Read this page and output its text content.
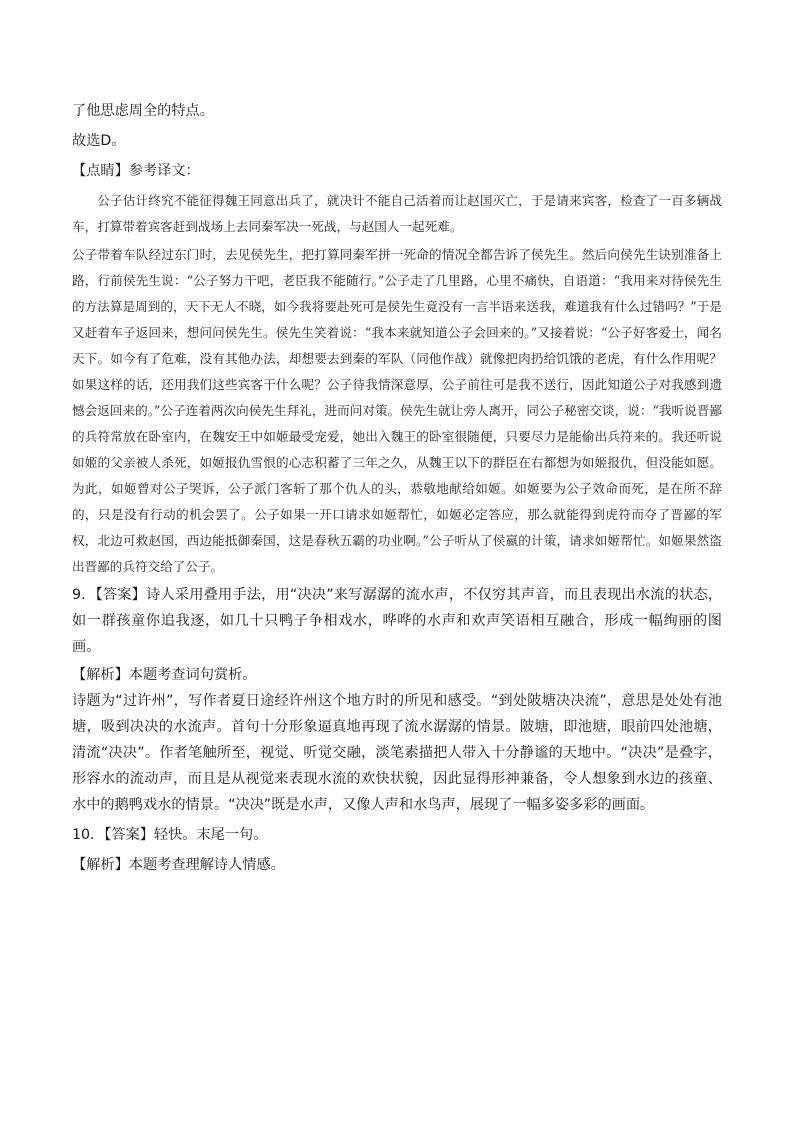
了他思虑周全的特点。

故选D。

【点睛】参考译文：

公子估计终究不能征得魏王同意出兵了，就决计不能自己活着而让赵国灭亡，于是请来宾客，检查了一百多辆战车，打算带着宾客赶到战场上去同秦军决一死战，与赵国人一起死难。

公子带着车队经过东门时，去见侯先生，把打算同秦军拼一死命的情况全都告诉了侯先生。然后向侯先生诀别准备上路，行前侯先生说：“公子努力干吧，老臣我不能随行。”公子走了几里路，心里不痛快，自语道：“我用来对待侯先生的方法算是周到的，天下无人不晓，如今我将要赴死可是侯先生竟没有一言半语来送我，难道我有什么过错吗？”于是又赶着车子返回来，想问问侯先生。侯先生笑着说：“我本来就知道公子会回来的。”又接着说：“公子好客爱士，闻名天下。如今有了危难，没有其他办法，却想要去到秦的军队（同他作战）就像把肉扔给饥饿的老虎，有什么作用呢？如果这样的话，还用我们这些宾客干什么呢？公子待我情深意厚，公子前往可是我不送行，因此知道公子对我感到遗憾会返回来的。”公子连着两次向侯先生拜礼，进而问对策。侯先生就让旁人离开，同公子秘密交谈，说：“我听说晋鄙的兵符常放在卧室内，在魏安王中如姬最受宠爱，她出入魏王的卧室很随便，只要尽力是能偷出兵符来的。我还听说如姬的父亲被人杀死，如姬报仇雪恨的心志积蓄了三年之久，从魏王以下的群臣在右都想为如姬报仇，但没能如愿。为此，如姬曾对公子哭诉，公子派门客斩了那个仇人的头，恭敬地献给如姬。如姬要为公子效命而死，是在所不辞的，只是没有行动的机会罢了。公子如果一开口请求如姬帮忙，如姬必定答应，那么就能得到虎符而夺了晋鄙的军权，北边可救赵国，西边能抵御秦国，这是春秋五霸的功业啊。”公子听从了侯嬴的计策，请求如姬帮忙。如姬果然盗出晋鄙的兵符交给了公子。

9．【答案】诗人采用叠用手法，用“决决”来写潺潺的流水声，不仅穷其声音，而且表现出水流的状态，如一群孩童你追我逐，如几十只鸭子争相戏水，哗哗的水声和欢声笑语相互融合，形成一幅绚丽的图画。

【解析】本题考查词句赏析。

诗题为“过许州”，写作者夏日途经许州这个地方时的所见和感受。“到处陂塘决决流”，意思是处处有池塘，吸到决决的水流声。首句十分形象逼真地再现了流水潺潺的情景。陂塘，即池塘，眼前四处池塘，清流“决决”。作者笔触所至，视觉、听觉交融，淡笔素描把人带入十分静谧的天地中。“决决”是叠字，形容水的流动声，而且是从视觉来表现水流的欢快状貌，因此显得形神兼备，令人想象到水边的孩童、水中的鹅鸭戏水的情景。“决决”既是水声，又像人声和水鸟声，展现了一幅多姿多彩的画面。

10．【答案】轻快。末尾一句。

【解析】本题考查理解诗人情感。
